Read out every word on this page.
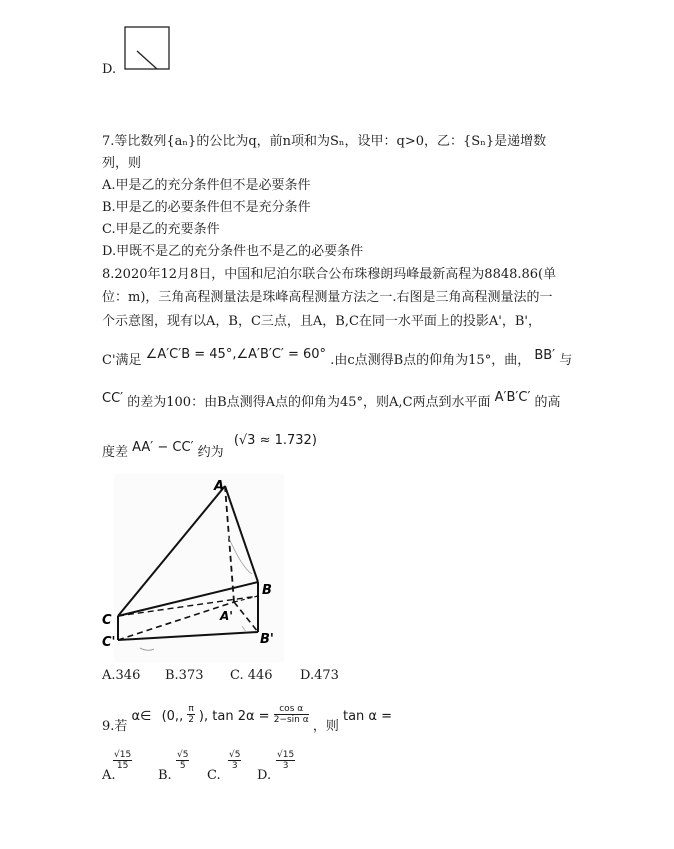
D.
7.等比数列{aₙ}的公比为q，前n项和为Sₙ，设甲：q>0，乙：{Sₙ}是递增数
列，则
A.甲是乙的充分条件但不是必要条件
B.甲是乙的必要条件但不是充分条件
C.甲是乙的充要条件
D.甲既不是乙的充分条件也不是乙的必要条件
8.2020年12月8日，中国和尼泊尔联合公布珠穆朗玛峰最新高程为8848.86(单
位：m)，三角高程测量法是珠峰高程测量方法之一.右图是三角高程测量法的一
个示意图，现有以A，B，C三点，且A，B,C在同一水平面上的投影A'，B'，
C'满足 ∠A′C′B = 45°,∠A′B′C′ = 60° .由c点测得B点的仰角为15°，曲， BB′ 与
CC′ 的差为100：由B点测得A点的仰角为45°，则A,C两点到水平面 A′B′C′ 的高
度差 AA′ − CC′ 约为 (√3 ≈ 1.732)
A
B
C	A'
B'
C'
A.346 B.373 C. 446 D.473
9.若 α∈ (0,, $\frac{\pi}{2}$ ), $\tan 2\alpha = \frac{\text{cos α}}{\text{2−sin α}}$
，则 tan α =
A.
$\frac{√15}{15}$
B.
$\frac{√5}{5}$
C.
$\frac{√5}{3}$
D.
$\frac{√15}{3}$
